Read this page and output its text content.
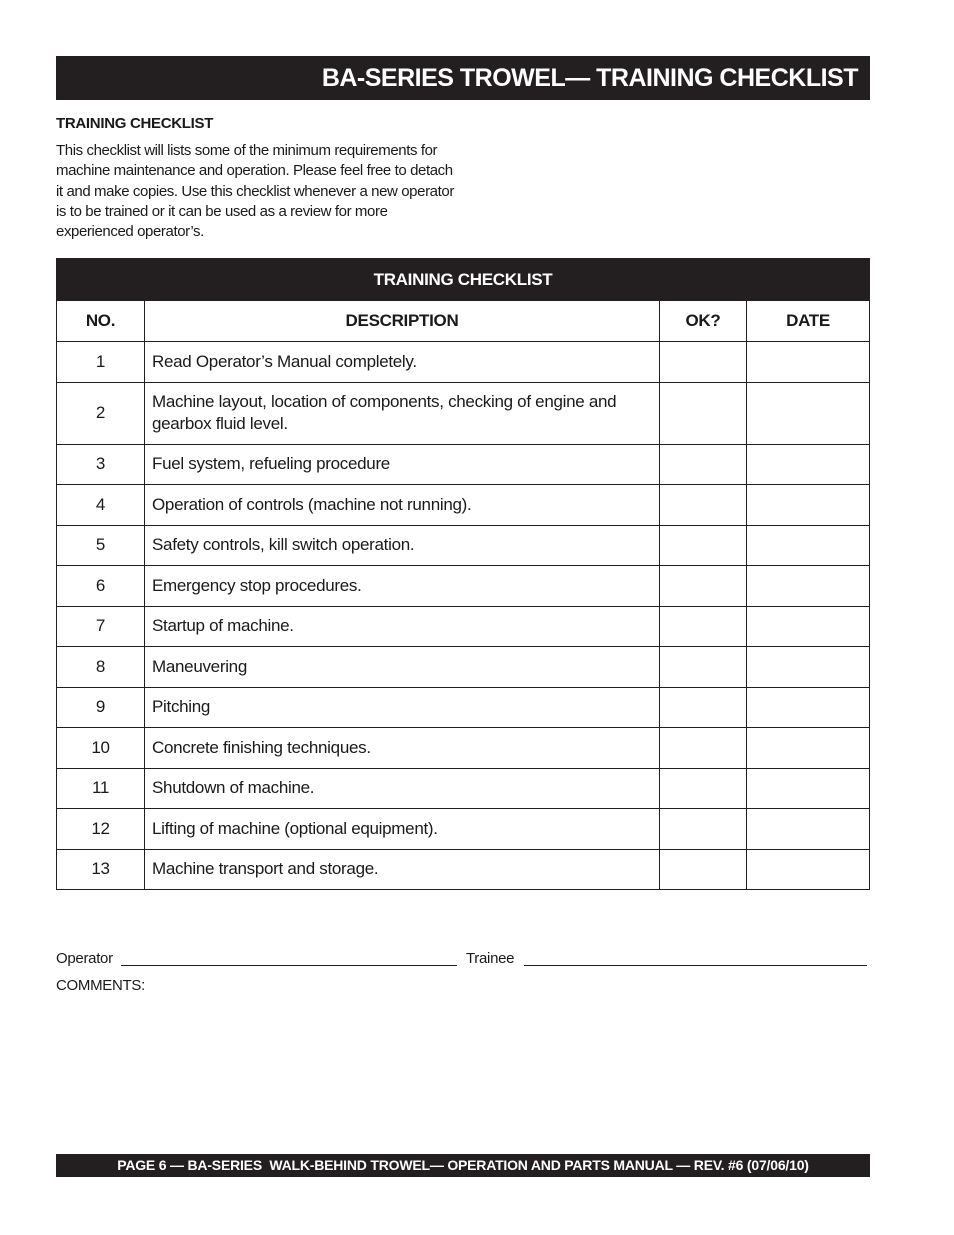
BA-SERIES TROWEL— TRAINING CHECKLIST
TRAINING CHECKLIST

This checklist will lists some of the minimum requirements for machine maintenance and operation. Please feel free to detach it and make copies. Use this checklist whenever a new operator is to be trained or it can be used as a review for more experienced operator’s.

TRAINING CHECKLIST			
NO.	DESCRIPTION	OK?	DATE
1	Read Operator’s Manual completely.		
2	Machine layout, location of components, checking of engine and gearbox fluid level.		
3	Fuel system, refueling procedure		
4	Operation of controls (machine not running).		
5	Safety controls, kill switch operation.		
6	Emergency stop procedures.		
7	Startup of machine.		
8	Maneuvering		
9	Pitching		
10	Concrete finishing techniques.		
11	Shutdown of machine.		
12	Lifting of machine (optional equipment).		
13	Machine transport and storage.		
Operator	Trainee
COMMENTS:
PAGE 6 — BA-SERIES  WALK-BEHIND TROWEL— OPERATION AND PARTS MANUAL — REV. #6 (07/06/10)
